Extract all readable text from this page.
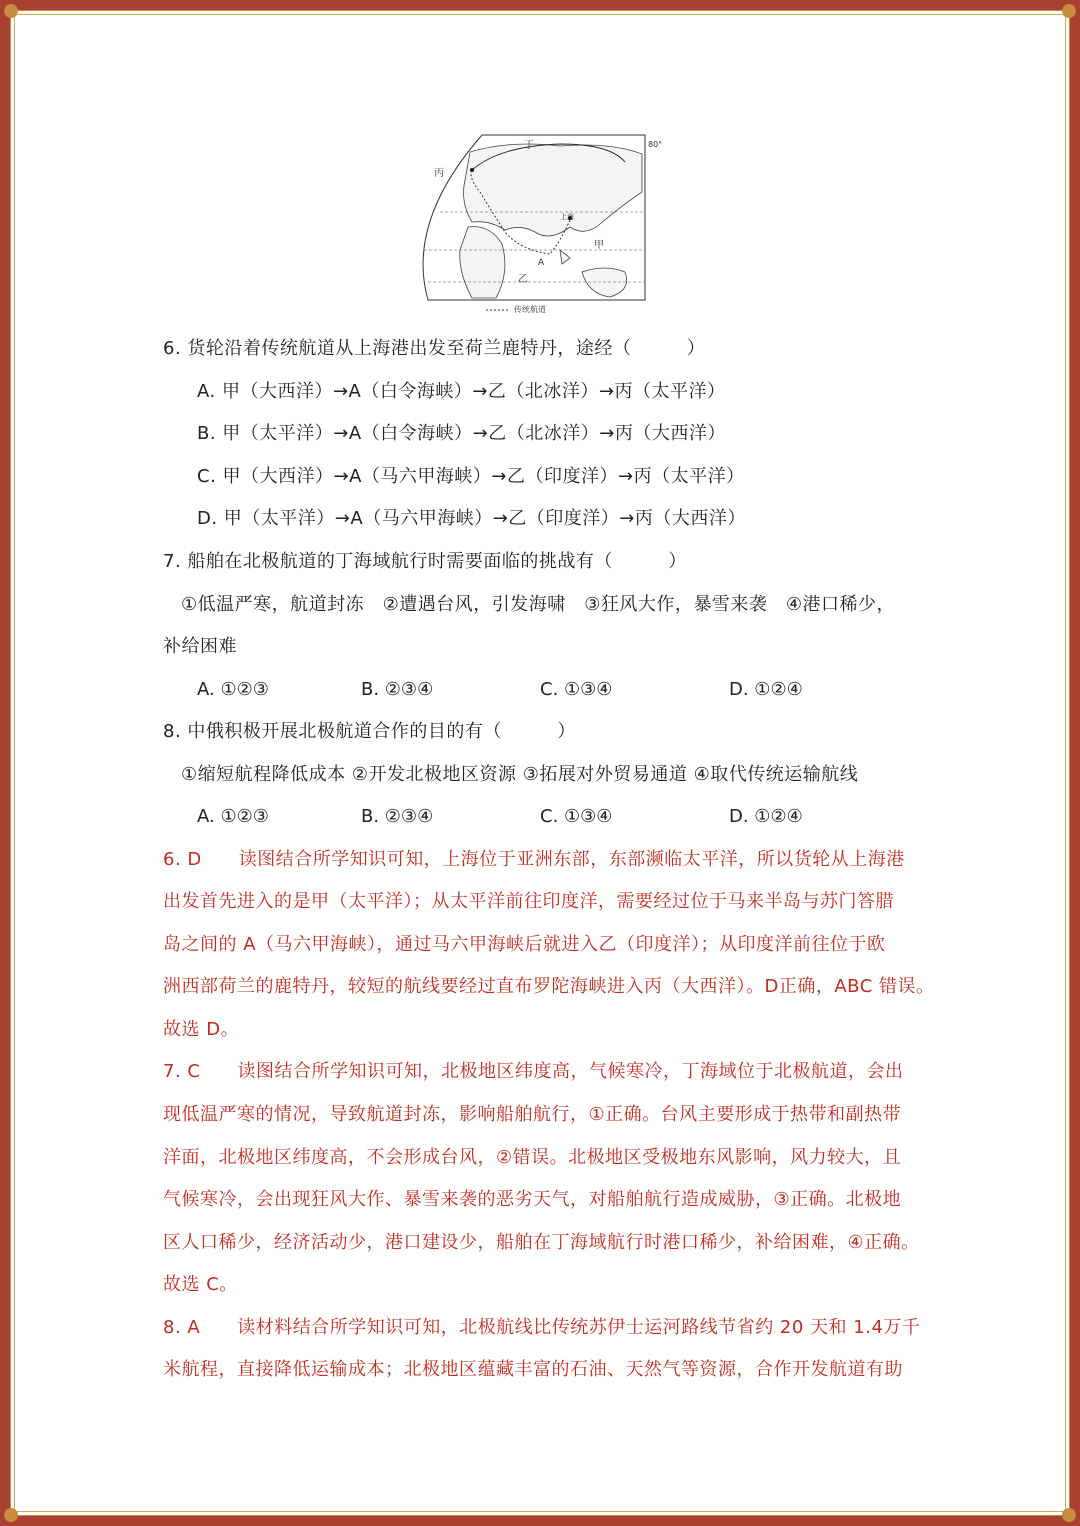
80°
甲
乙
丙
丁
A
上海
传统航道
6. 货轮沿着传统航道从上海港出发至荷兰鹿特丹，途经（　　　）
A. 甲（大西洋）→A（白令海峡）→乙（北冰洋）→丙（太平洋）
B. 甲（太平洋）→A（白令海峡）→乙（北冰洋）→丙（大西洋）
C. 甲（大西洋）→A（马六甲海峡）→乙（印度洋）→丙（太平洋）
D. 甲（太平洋）→A（马六甲海峡）→乙（印度洋）→丙（大西洋）
7. 船舶在北极航道的丁海域航行时需要面临的挑战有（　　　）
①低温严寒，航道封冻　②遭遇台风，引发海啸　③狂风大作，暴雪来袭　④港口稀少，
补给困难
A. ①②③	B. ②③④	C. ①③④	D. ①②④
8. 中俄积极开展北极航道合作的目的有（　　　）
①缩短航程降低成本 ②开发北极地区资源 ③拓展对外贸易通道 ④取代传统运输航线
A. ①②③	B. ②③④	C. ①③④	D. ①②④
6. D　　读图结合所学知识可知，上海位于亚洲东部，东部濒临太平洋，所以货轮从上海港
出发首先进入的是甲（太平洋）；从太平洋前往印度洋，需要经过位于马来半岛与苏门答腊
岛之间的 A（马六甲海峡），通过马六甲海峡后就进入乙（印度洋）；从印度洋前往位于欧
洲西部荷兰的鹿特丹，较短的航线要经过直布罗陀海峡进入丙（大西洋）。D正确，ABC 错误。
故选 D。
7. C　　读图结合所学知识可知，北极地区纬度高，气候寒冷，丁海域位于北极航道，会出
现低温严寒的情况，导致航道封冻，影响船舶航行，①正确。台风主要形成于热带和副热带
洋面，北极地区纬度高，不会形成台风，②错误。北极地区受极地东风影响，风力较大，且
气候寒冷，会出现狂风大作、暴雪来袭的恶劣天气，对船舶航行造成威胁，③正确。北极地
区人口稀少，经济活动少，港口建设少，船舶在丁海域航行时港口稀少，补给困难，④正确。
故选 C。
8. A　　读材料结合所学知识可知，北极航线比传统苏伊士运河路线节省约 20 天和 1.4万千
米航程，直接降低运输成本；北极地区蕴藏丰富的石油、天然气等资源，合作开发航道有助
